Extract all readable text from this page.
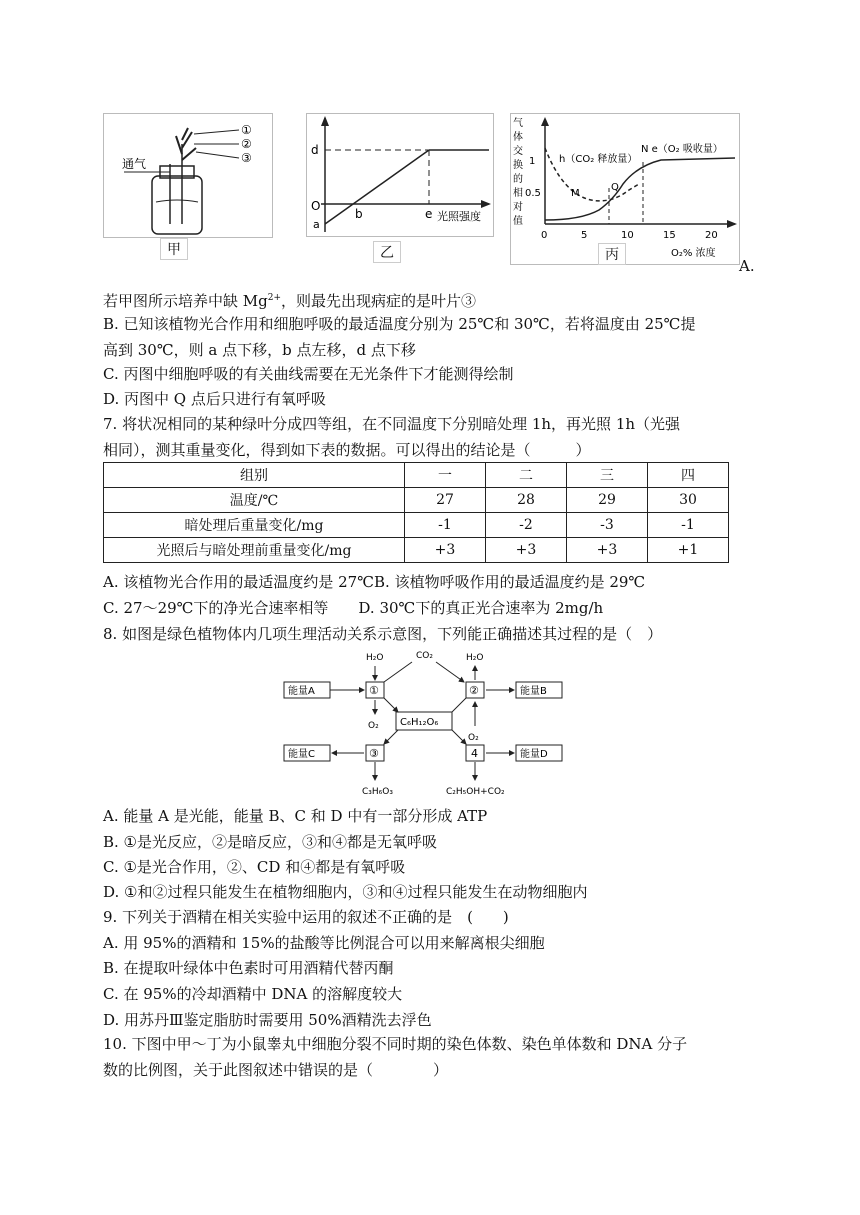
①
②
③
通气
甲
O
a
b
d
e 光照强度
乙
气
体
交
换
的
相
对
值
1
0.5
h（CO₂ 释放量）
N e（O₂ 吸收量）
M
Q
0	5	10	15	20
O₂% 浓度
丙
A.
若甲图所示培养中缺 $Mg^{2+}$，则最先出现病症的是叶片③
B. 已知该植物光合作用和细胞呼吸的最适温度分别为 25℃和 30℃，若将温度由 25℃提
高到 30℃，则 a 点下移，b 点左移，d 点下移
C. 丙图中细胞呼吸的有关曲线需要在无光条件下才能测得绘制
D. 丙图中 Q 点后只进行有氧呼吸
7. 将状况相同的某种绿叶分成四等组，在不同温度下分别暗处理 1h，再光照 1h（光强
相同），测其重量变化，得到如下表的数据。可以得出的结论是（　　　）
组别	一	二	三	四
温度/℃	27	28	29	30
暗处理后重量变化/mg	-1	-2	-3	-1
光照后与暗处理前重量变化/mg	+3	+3	+3	+1
A. 该植物光合作用的最适温度约是 27℃B. 该植物呼吸作用的最适温度约是 29℃
C. 27～29℃下的净光合速率相等　　D. 30℃下的真正光合速率为 2mg/h
8. 如图是绿色植物体内几项生理活动关系示意图，下列能正确描述其过程的是（　）
能量A	能量B
能量C	能量D
①	②
③	4
C₆H₁₂O₆
H₂O	H₂O
CO₂
O₂
O₂
C₃H₆O₃	C₂H₅OH+CO₂
A. 能量 A 是光能，能量 B、C 和 D 中有一部分形成 ATP
B. ①是光反应，②是暗反应，③和④都是无氧呼吸
C. ①是光合作用，②、CD 和④都是有氧呼吸
D. ①和②过程只能发生在植物细胞内，③和④过程只能发生在动物细胞内
9. 下列关于酒精在相关实验中运用的叙述不正确的是　(　　)
A. 用 95%的酒精和 15%的盐酸等比例混合可以用来解离根尖细胞
B. 在提取叶绿体中色素时可用酒精代替丙酮
C. 在 95%的冷却酒精中 DNA 的溶解度较大
D. 用苏丹Ⅲ鉴定脂肪时需要用 50%酒精洗去浮色
10. 下图中甲～丁为小鼠睾丸中细胞分裂不同时期的染色体数、染色单体数和 DNA 分子
数的比例图，关于此图叙述中错误的是（　　　　）
